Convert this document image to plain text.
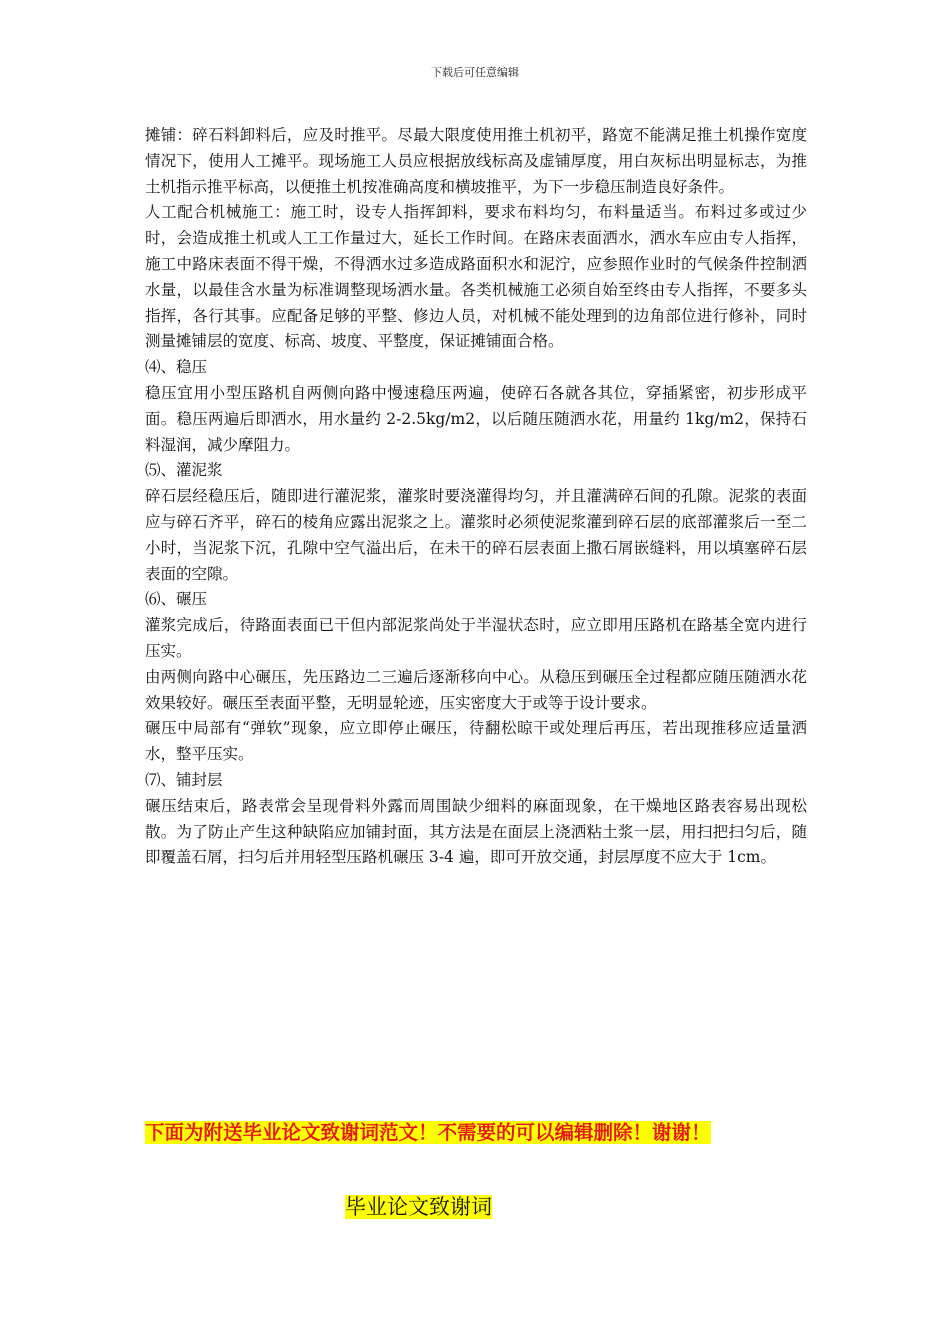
下载后可任意编辑

摊铺：碎石料卸料后，应及时推平。尽最大限度使用推土机初平，路宽不能满足推土机操作宽度情况下，使用人工摊平。现场施工人员应根据放线标高及虚铺厚度，用白灰标出明显标志，为推土机指示推平标高，以便推土机按准确高度和横坡推平，为下一步稳压制造良好条件。

人工配合机械施工：施工时，设专人指挥卸料，要求布料均匀，布料量适当。布料过多或过少时，会造成推土机或人工工作量过大，延长工作时间。在路床表面洒水，洒水车应由专人指挥，施工中路床表面不得干燥，不得洒水过多造成路面积水和泥泞，应参照作业时的气候条件控制洒水量，以最佳含水量为标准调整现场洒水量。各类机械施工必须自始至终由专人指挥，不要多头指挥，各行其事。应配备足够的平整、修边人员，对机械不能处理到的边角部位进行修补，同时测量摊铺层的宽度、标高、坡度、平整度，保证摊铺面合格。

⑷、稳压

稳压宜用小型压路机自两侧向路中慢速稳压两遍，使碎石各就各其位，穿插紧密，初步形成平面。稳压两遍后即洒水，用水量约 2-2.5kg/m2，以后随压随洒水花，用量约 1kg/m2，保持石料湿润，减少摩阻力。

⑸、灌泥浆

碎石层经稳压后，随即进行灌泥浆，灌浆时要浇灌得均匀，并且灌满碎石间的孔隙。泥浆的表面应与碎石齐平，碎石的棱角应露出泥浆之上。灌浆时必须使泥浆灌到碎石层的底部灌浆后一至二小时，当泥浆下沉，孔隙中空气溢出后，在未干的碎石层表面上撒石屑嵌缝料，用以填塞碎石层表面的空隙。

⑹、碾压

灌浆完成后，待路面表面已干但内部泥浆尚处于半湿状态时，应立即用压路机在路基全宽内进行压实。

由两侧向路中心碾压，先压路边二三遍后逐渐移向中心。从稳压到碾压全过程都应随压随洒水花效果较好。碾压至表面平整，无明显轮迹，压实密度大于或等于设计要求。

碾压中局部有“弹软”现象，应立即停止碾压，待翻松晾干或处理后再压，若出现推移应适量洒水，整平压实。

⑺、铺封层

碾压结束后，路表常会呈现骨料外露而周围缺少细料的麻面现象，在干燥地区路表容易出现松散。为了防止产生这种缺陷应加铺封面，其方法是在面层上浇洒粘土浆一层，用扫把扫匀后，随即覆盖石屑，扫匀后并用轻型压路机碾压 3-4 遍，即可开放交通，封层厚度不应大于 1cm。

下面为附送毕业论文致谢词范文！不需要的可以编辑删除！谢谢！
毕业论文致谢词
